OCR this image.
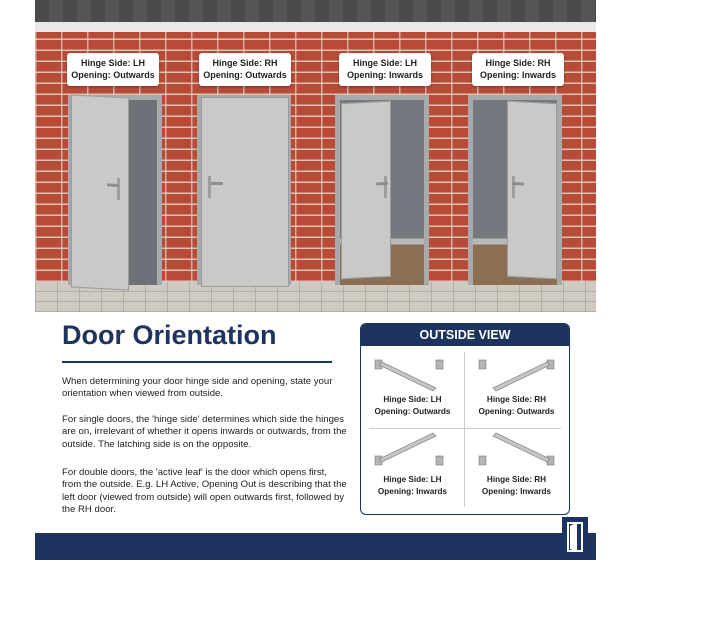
Hinge Side: LH
Opening: Outwards
Hinge Side: RH
Opening: Outwards
Hinge Side: LH
Opening: Inwards
Hinge Side: RH
Opening: Inwards
Door Orientation

When determining your door hinge side and opening, state your orientation when viewed from outside.

For single doors, the 'hinge side' determines which side the hinges are on, irrelevant of whether it opens inwards or outwards, from the outside. The latching side is on the opposite.

For double doors, the 'active leaf' is the door which opens first, from the outside. E.g. LH Active, Opening Out is describing that the left door (viewed from outside) will open outwards first, followed by the RH door.

OUTSIDE VIEW
Hinge Side: LH
Opening: Outwards
Hinge Side: RH
Opening: Outwards
Hinge Side: LH
Opening: Inwards
Hinge Side: RH
Opening: Inwards
